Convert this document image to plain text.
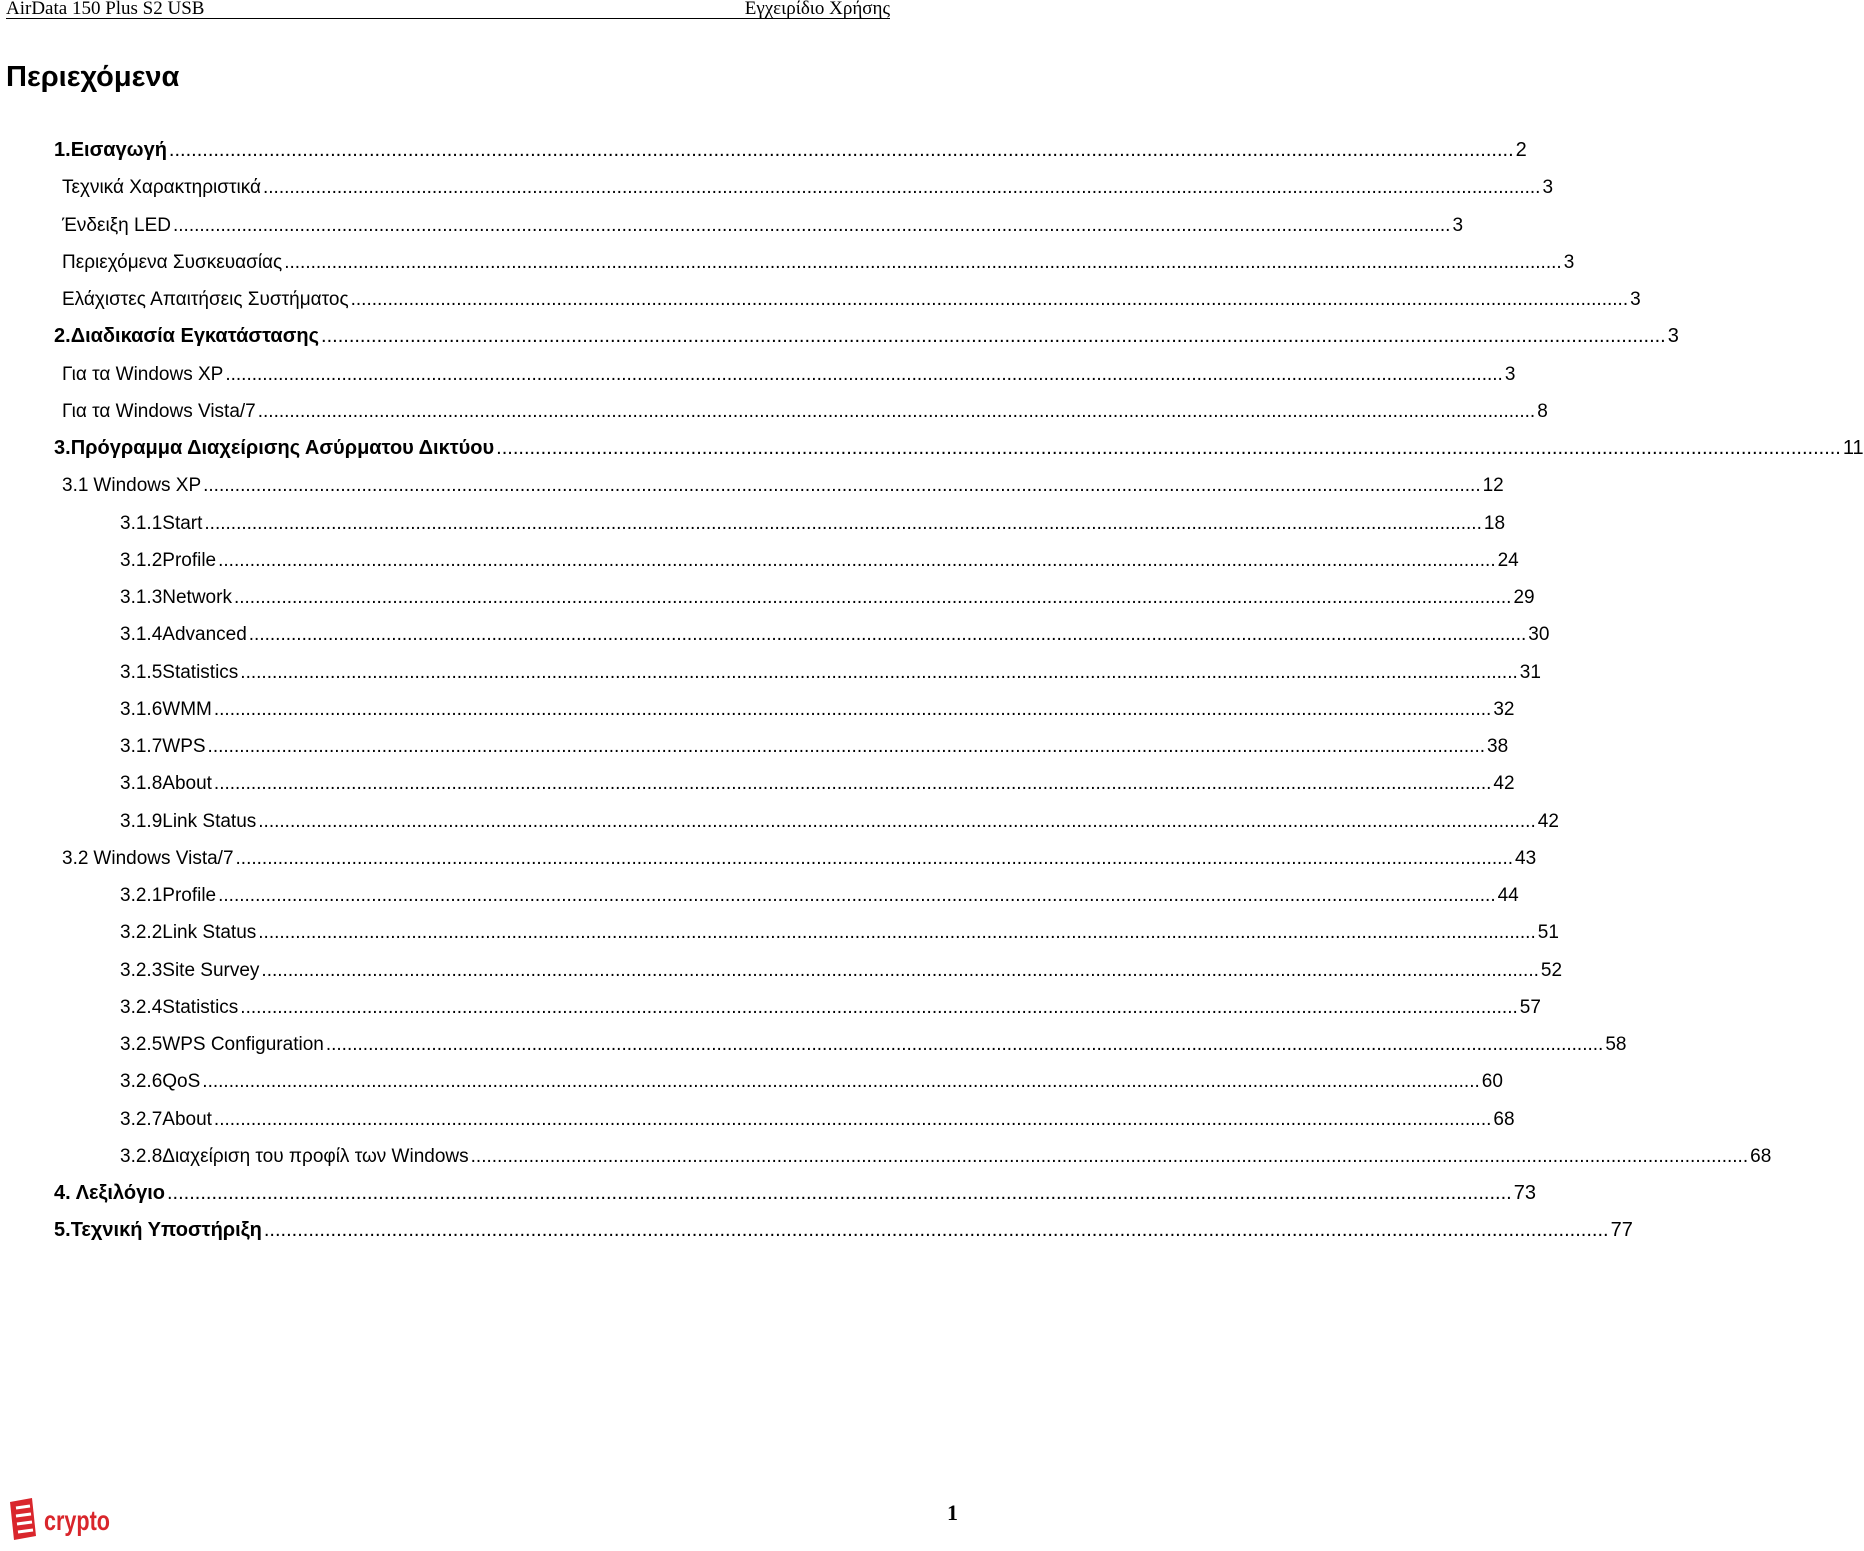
AirData 150 Plus S2 USB	Εγχειρίδιο Χρήσης
Περιεχόμενα
1. Εισαγωγή .....	2
Τεχνικά Χαρακτηριστικά .....	3
Ένδειξη LED .....	3
Περιεχόμενα Συσκευασίας .....	3
Ελάχιστες Απαιτήσεις Συστήματος .....	3
2. Διαδικασία Εγκατάστασης .....	3
Για τα Windows XP .....	3
Για τα Windows Vista/7 .....	8
3. Πρόγραμμα Διαχείρισης Ασύρματου Δικτύου .....	11
3.1 Windows XP .....	12
3.1.1 Start .....	18
3.1.2 Profile .....	24
3.1.3 Network .....	29
3.1.4 Advanced .....	30
3.1.5 Statistics .....	31
3.1.6 WMM .....	32
3.1.7 WPS .....	38
3.1.8 About .....	42
3.1.9 Link Status .....	42
3.2 Windows Vista/7 .....	43
3.2.1 Profile .....	44
3.2.2 Link Status .....	51
3.2.3 Site Survey .....	52
3.2.4 Statistics .....	57
3.2.5 WPS Configuration .....	58
3.2.6 QoS .....	60
3.2.7 About .....	68
3.2.8 Διαχείριση του προφίλ των Windows .....	68
4. Λεξιλόγιο .....	73
5. Τεχνική Υποστήριξη .....	77
crypto	1
